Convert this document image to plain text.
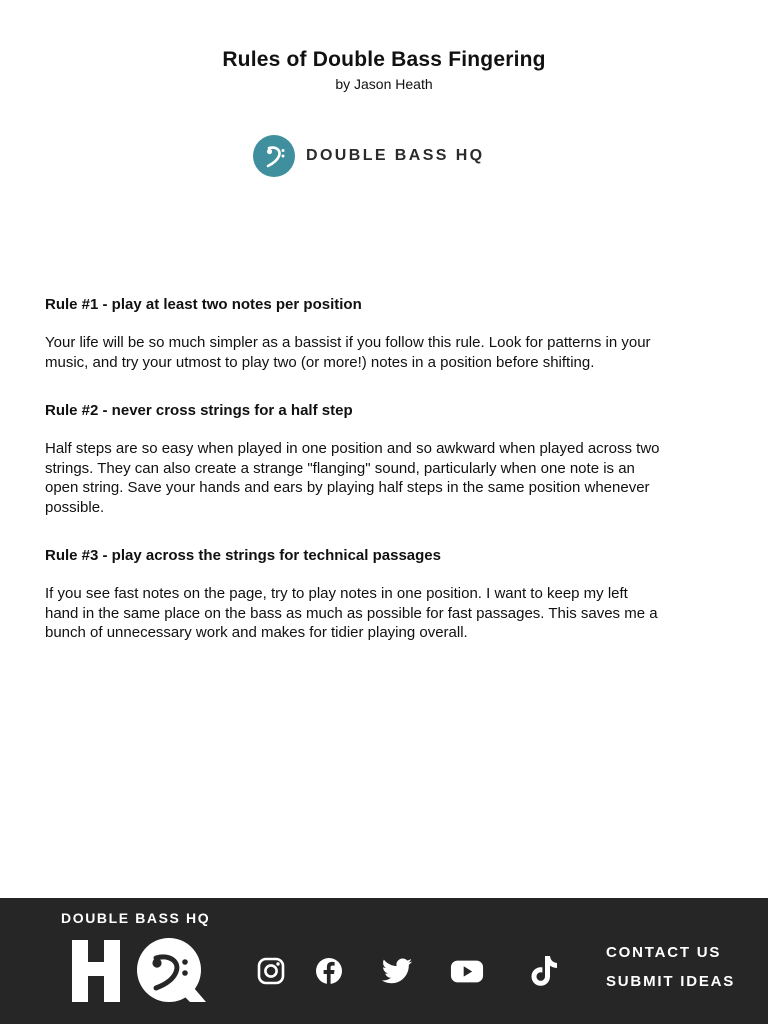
Rules of Double Bass Fingering
by Jason Heath
DOUBLE BASS HQ

Rule #1 - play at least two notes per position

Your life will be so much simpler as a bassist if you follow this rule. Look for patterns in your music, and try your utmost to play two (or more!) notes in a position before shifting.

Rule #2 - never cross strings for a half step

Half steps are so easy when played in one position and so awkward when played across two strings. They can also create a strange "flanging" sound, particularly when one note is an open string. Save your hands and ears by playing half steps in the same position whenever possible.

Rule #3 - play across the strings for technical passages

If you see fast notes on the page, try to play notes in one position. I want to keep my left hand in the same place on the bass as much as possible for fast passages. This saves me a bunch of unnecessary work and makes for tidier playing overall.

DOUBLE BASS HQ
CONTACT US
SUBMIT IDEAS
